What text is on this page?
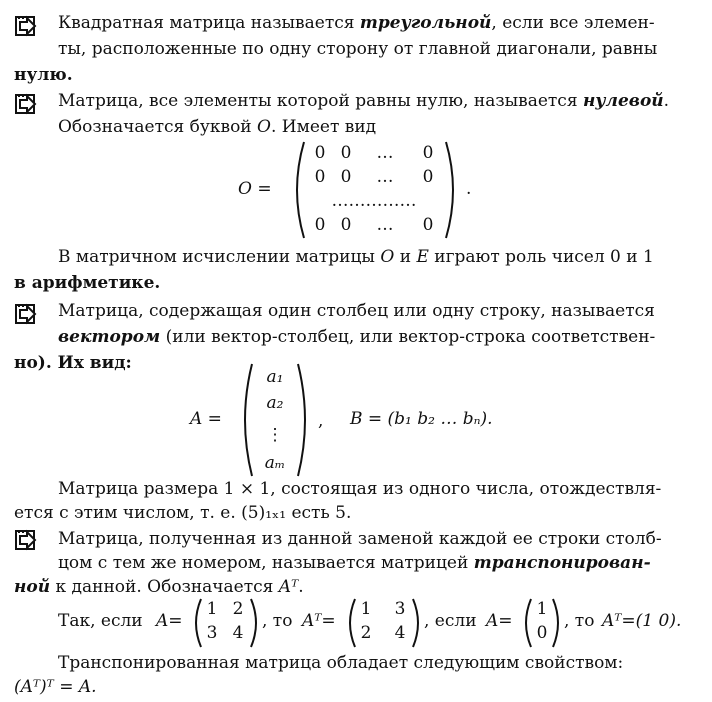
Квадратная матрица называется треугольной, если все элемен-
ты, расположенные по одну сторону от главной диагонали, равны
нулю.
Матрица, все элементы которой равны нулю, называется нулевой.
Обозначается буквой O. Имеет вид
O =
0 0	…	0
0 0	…	0
……………
0 0	…	0
.
В матричном исчислении матрицы O и E играют роль чисел 0 и 1
в арифметике.
Матрица, содержащая один столбец или одну строку, называется
вектором (или вектор-столбец, или вектор-строка соответствен-
но). Их вид:
A =
a₁
a₂
⋮
aₘ
, B = (b₁ b₂ … bₙ).
Матрица размера 1 × 1, состоящая из одного числа, отождествля-
ется с этим числом, т. е. (5)₁ₓ₁ есть 5.
Матрица, полученная из данной заменой каждой ее строки столб-
цом с тем же номером, называется матрицей транспонирован-
ной к данной. Обозначается Aᵀ.
Так, если A=
1 2
3 4
, то Aᵀ=
1 3
2 4
, если A=
1
0
, то Aᵀ=(1 0).
Транспонированная матрица обладает следующим свойством:
(Aᵀ)ᵀ = A.
